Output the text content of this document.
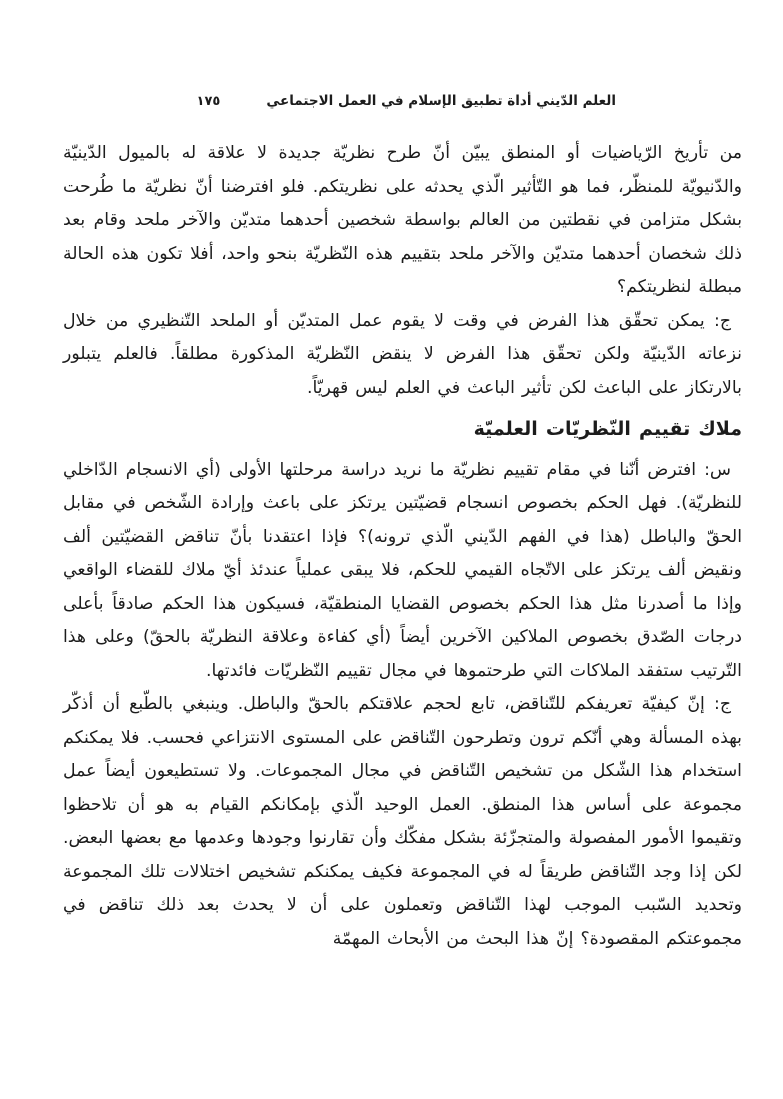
العلم الدّيني أداة تطبيق الإسلام في العمل الاجتماعي
١٧٥

من تأريخ الرّياضيات أو المنطق يبيّن أنّ طرح نظريّة جديدة لا علاقة له بالميول الدّينيّة والدّنيويّة للمنظّر، فما هو التّأثير الّذي يحدثه على نظريتكم. فلو افترضنا أنّ نظريّة ما طُرحت بشكل متزامن في نقطتين من العالم بواسطة شخصين أحدهما متديّن والآخر ملحد وقام بعد ذلك شخصان أحدهما متديّن والآخر ملحد بتقييم هذه النّظريّة بنحو واحد، أفلا تكون هذه الحالة مبطلة لنظريتكم؟

ج: يمكن تحقّق هذا الفرض في وقت لا يقوم عمل المتديّن أو الملحد التّنظيري من خلال نزعاته الدّينيّة ولكن تحقّق هذا الفرض لا ينقض النّظريّة المذكورة مطلقاً. فالعلم يتبلور بالارتكاز على الباعث لكن تأثير الباعث في العلم ليس قهريّاً.

ملاك تقييم النّظريّات العلميّة

س: افترض أنّنا في مقام تقييم نظريّة ما نريد دراسة مرحلتها الأولى (أي الانسجام الدّاخلي للنظريّة). فهل الحكم بخصوص انسجام قضيّتين يرتكز على باعث وإرادة الشّخص في مقابل الحقّ والباطل (هذا في الفهم الدّيني الّذي ترونه)؟ فإذا اعتقدنا بأنّ تناقض القضيّتين ألف ونقيض ألف يرتكز على الاتّجاه القيمي للحكم، فلا يبقى عملياً عندئذ أيّ ملاك للقضاء الواقعي وإذا ما أصدرنا مثل هذا الحكم بخصوص القضايا المنطقيّة، فسيكون هذا الحكم صادقاً بأعلى درجات الصّدق بخصوص الملاكين الآخرين أيضاً (أي كفاءة وعلاقة النظريّة بالحقّ) وعلى هذا التّرتيب ستفقد الملاكات التي طرحتموها في مجال تقييم النّظريّات فائدتها.

ج: إنّ كيفيّة تعريفكم للتّناقض، تابع لحجم علاقتكم بالحقّ والباطل. وينبغي بالطّبع أن أذكّر بهذه المسألة وهي أنّكم ترون وتطرحون التّناقض على المستوى الانتزاعي فحسب. فلا يمكنكم استخدام هذا الشّكل من تشخيص التّناقض في مجال المجموعات. ولا تستطيعون أيضاً عمل مجموعة على أساس هذا المنطق. العمل الوحيد الّذي بإمكانكم القيام به هو أن تلاحظوا وتقيموا الأمور المفصولة والمتجزّئة بشكل مفكّك وأن تقارنوا وجودها وعدمها مع بعضها البعض. لكن إذا وجد التّناقض طريقاً له في المجموعة فكيف يمكنكم تشخيص اختلالات تلك المجموعة وتحديد السّبب الموجب لهذا التّناقض وتعملون على أن لا يحدث بعد ذلك تناقض في مجموعتكم المقصودة؟ إنّ هذا البحث من الأبحاث المهمّة
